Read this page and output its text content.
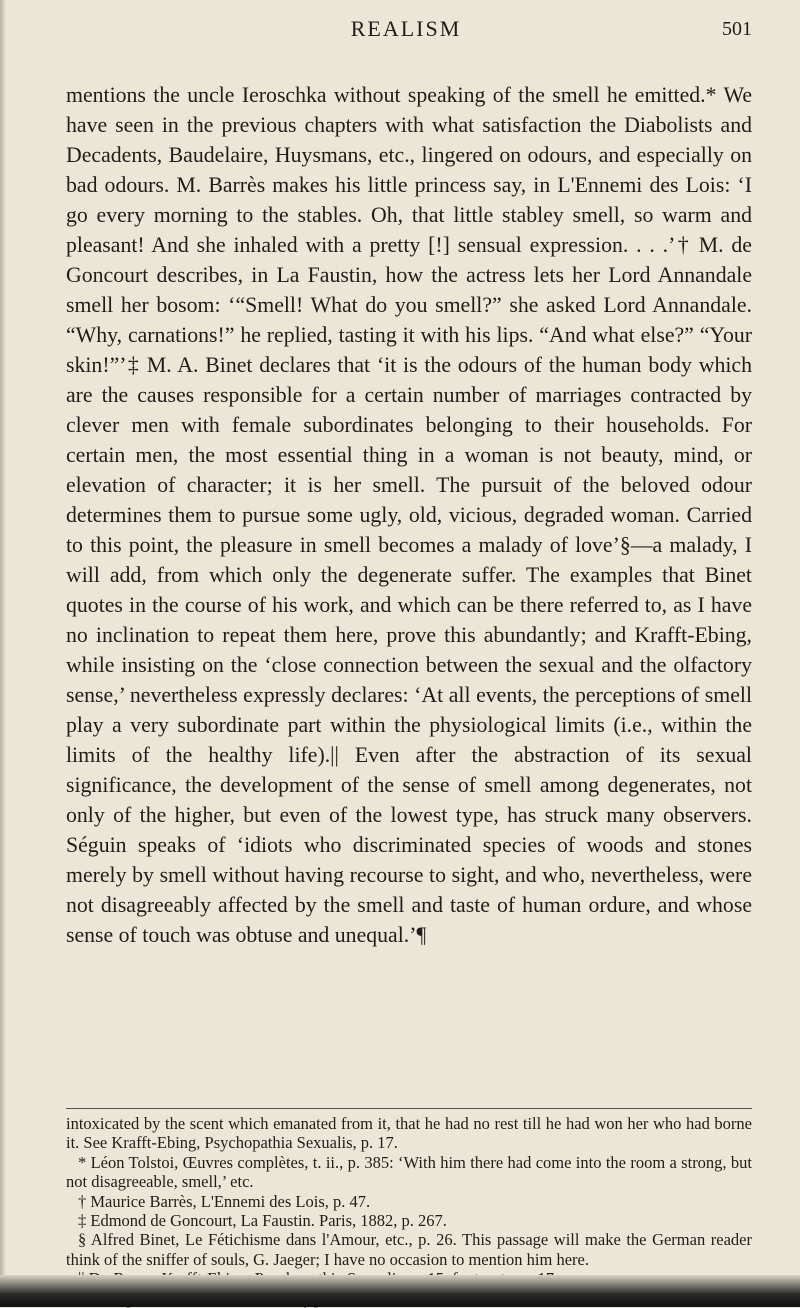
REALISM	501

mentions the uncle Ieroschka without speaking of the smell he emitted.* We have seen in the previous chapters with what satisfaction the Diabolists and Decadents, Baudelaire, Huysmans, etc., lingered on odours, and especially on bad odours. M. Barrès makes his little princess say, in L'Ennemi des Lois: ‘I go every morning to the stables. Oh, that little stabley smell, so warm and pleasant! And she inhaled with a pretty [!] sensual expression. . . .’† M. de Goncourt describes, in La Faustin, how the actress lets her Lord Annandale smell her bosom: ‘“Smell! What do you smell?” she asked Lord Annandale. “Why, carnations!” he replied, tasting it with his lips. “And what else?” “Your skin!”’‡ M. A. Binet declares that ‘it is the odours of the human body which are the causes responsible for a certain number of marriages contracted by clever men with female subordinates belonging to their households. For certain men, the most essential thing in a woman is not beauty, mind, or elevation of character; it is her smell. The pursuit of the beloved odour determines them to pursue some ugly, old, vicious, degraded woman. Carried to this point, the pleasure in smell becomes a malady of love’§—a malady, I will add, from which only the degenerate suffer. The examples that Binet quotes in the course of his work, and which can be there referred to, as I have no inclination to repeat them here, prove this abundantly; and Krafft-Ebing, while insisting on the ‘close connection between the sexual and the olfactory sense,’ nevertheless expressly declares: ‘At all events, the perceptions of smell play a very subordinate part within the physiological limits (i.e., within the limits of the healthy life).|| Even after the abstraction of its sexual significance, the development of the sense of smell among degenerates, not only of the higher, but even of the lowest type, has struck many observers. Séguin speaks of ‘idiots who discriminated species of woods and stones merely by smell without having recourse to sight, and who, nevertheless, were not disagreeably affected by the smell and taste of human ordure, and whose sense of touch was obtuse and unequal.’¶

intoxicated by the scent which emanated from it, that he had no rest till he had won her who had borne it. See Krafft-Ebing, Psychopathia Sexualis, p. 17.

* Léon Tolstoi, Œuvres complètes, t. ii., p. 385: ‘With him there had come into the room a strong, but not disagreeable, smell,’ etc.

† Maurice Barrès, L'Ennemi des Lois, p. 47.

‡ Edmond de Goncourt, La Faustin. Paris, 1882, p. 267.

§ Alfred Binet, Le Fétichisme dans l'Amour, etc., p. 26. This passage will make the German reader think of the sniffer of souls, G. Jaeger; I have no occasion to mention him here.
